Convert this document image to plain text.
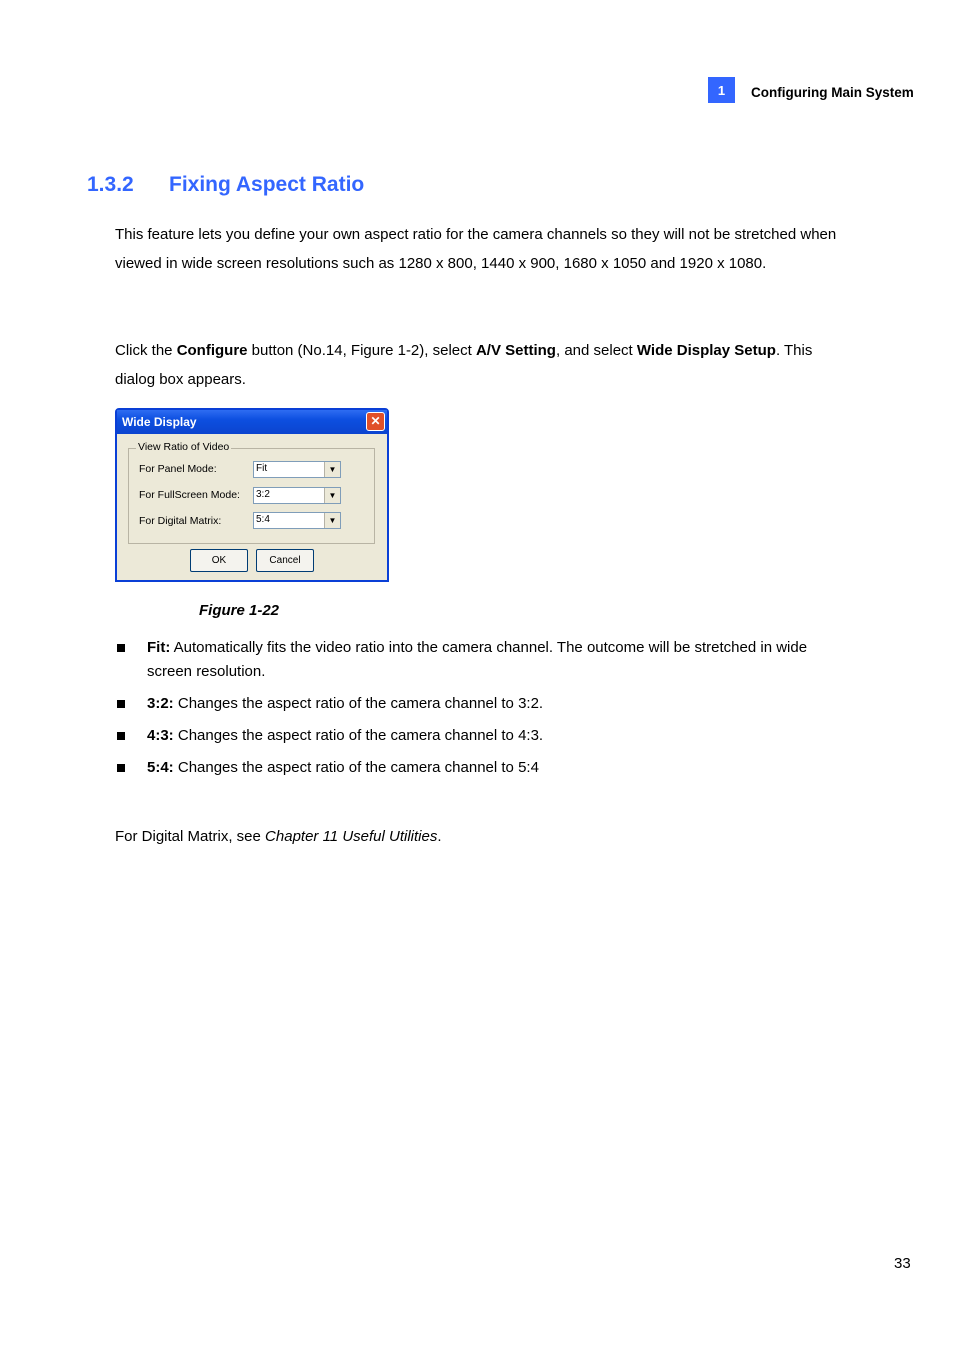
1	Configuring Main System
1.3.2 Fixing Aspect Ratio

This feature lets you define your own aspect ratio for the camera channels so they will not be stretched when viewed in wide screen resolutions such as 1280 x 800, 1440 x 900, 1680 x 1050 and 1920 x 1080.

Click the Configure button (No.14, Figure 1-2), select A/V Setting, and select Wide Display Setup. This dialog box appears.

Wide Display	✕
View Ratio of Video
For Panel Mode:	Fit	▼
For FullScreen Mode: 3:2	▼
For Digital Matrix:	5:4	▼
OK	Cancel

Figure 1-22

Fit: Automatically fits the video ratio into the camera channel. The outcome will be stretched in wide screen resolution.
3:2: Changes the aspect ratio of the camera channel to 3:2.
4:3: Changes the aspect ratio of the camera channel to 4:3.
5:4: Changes the aspect ratio of the camera channel to 5:4

For Digital Matrix, see Chapter 11 Useful Utilities.

33
